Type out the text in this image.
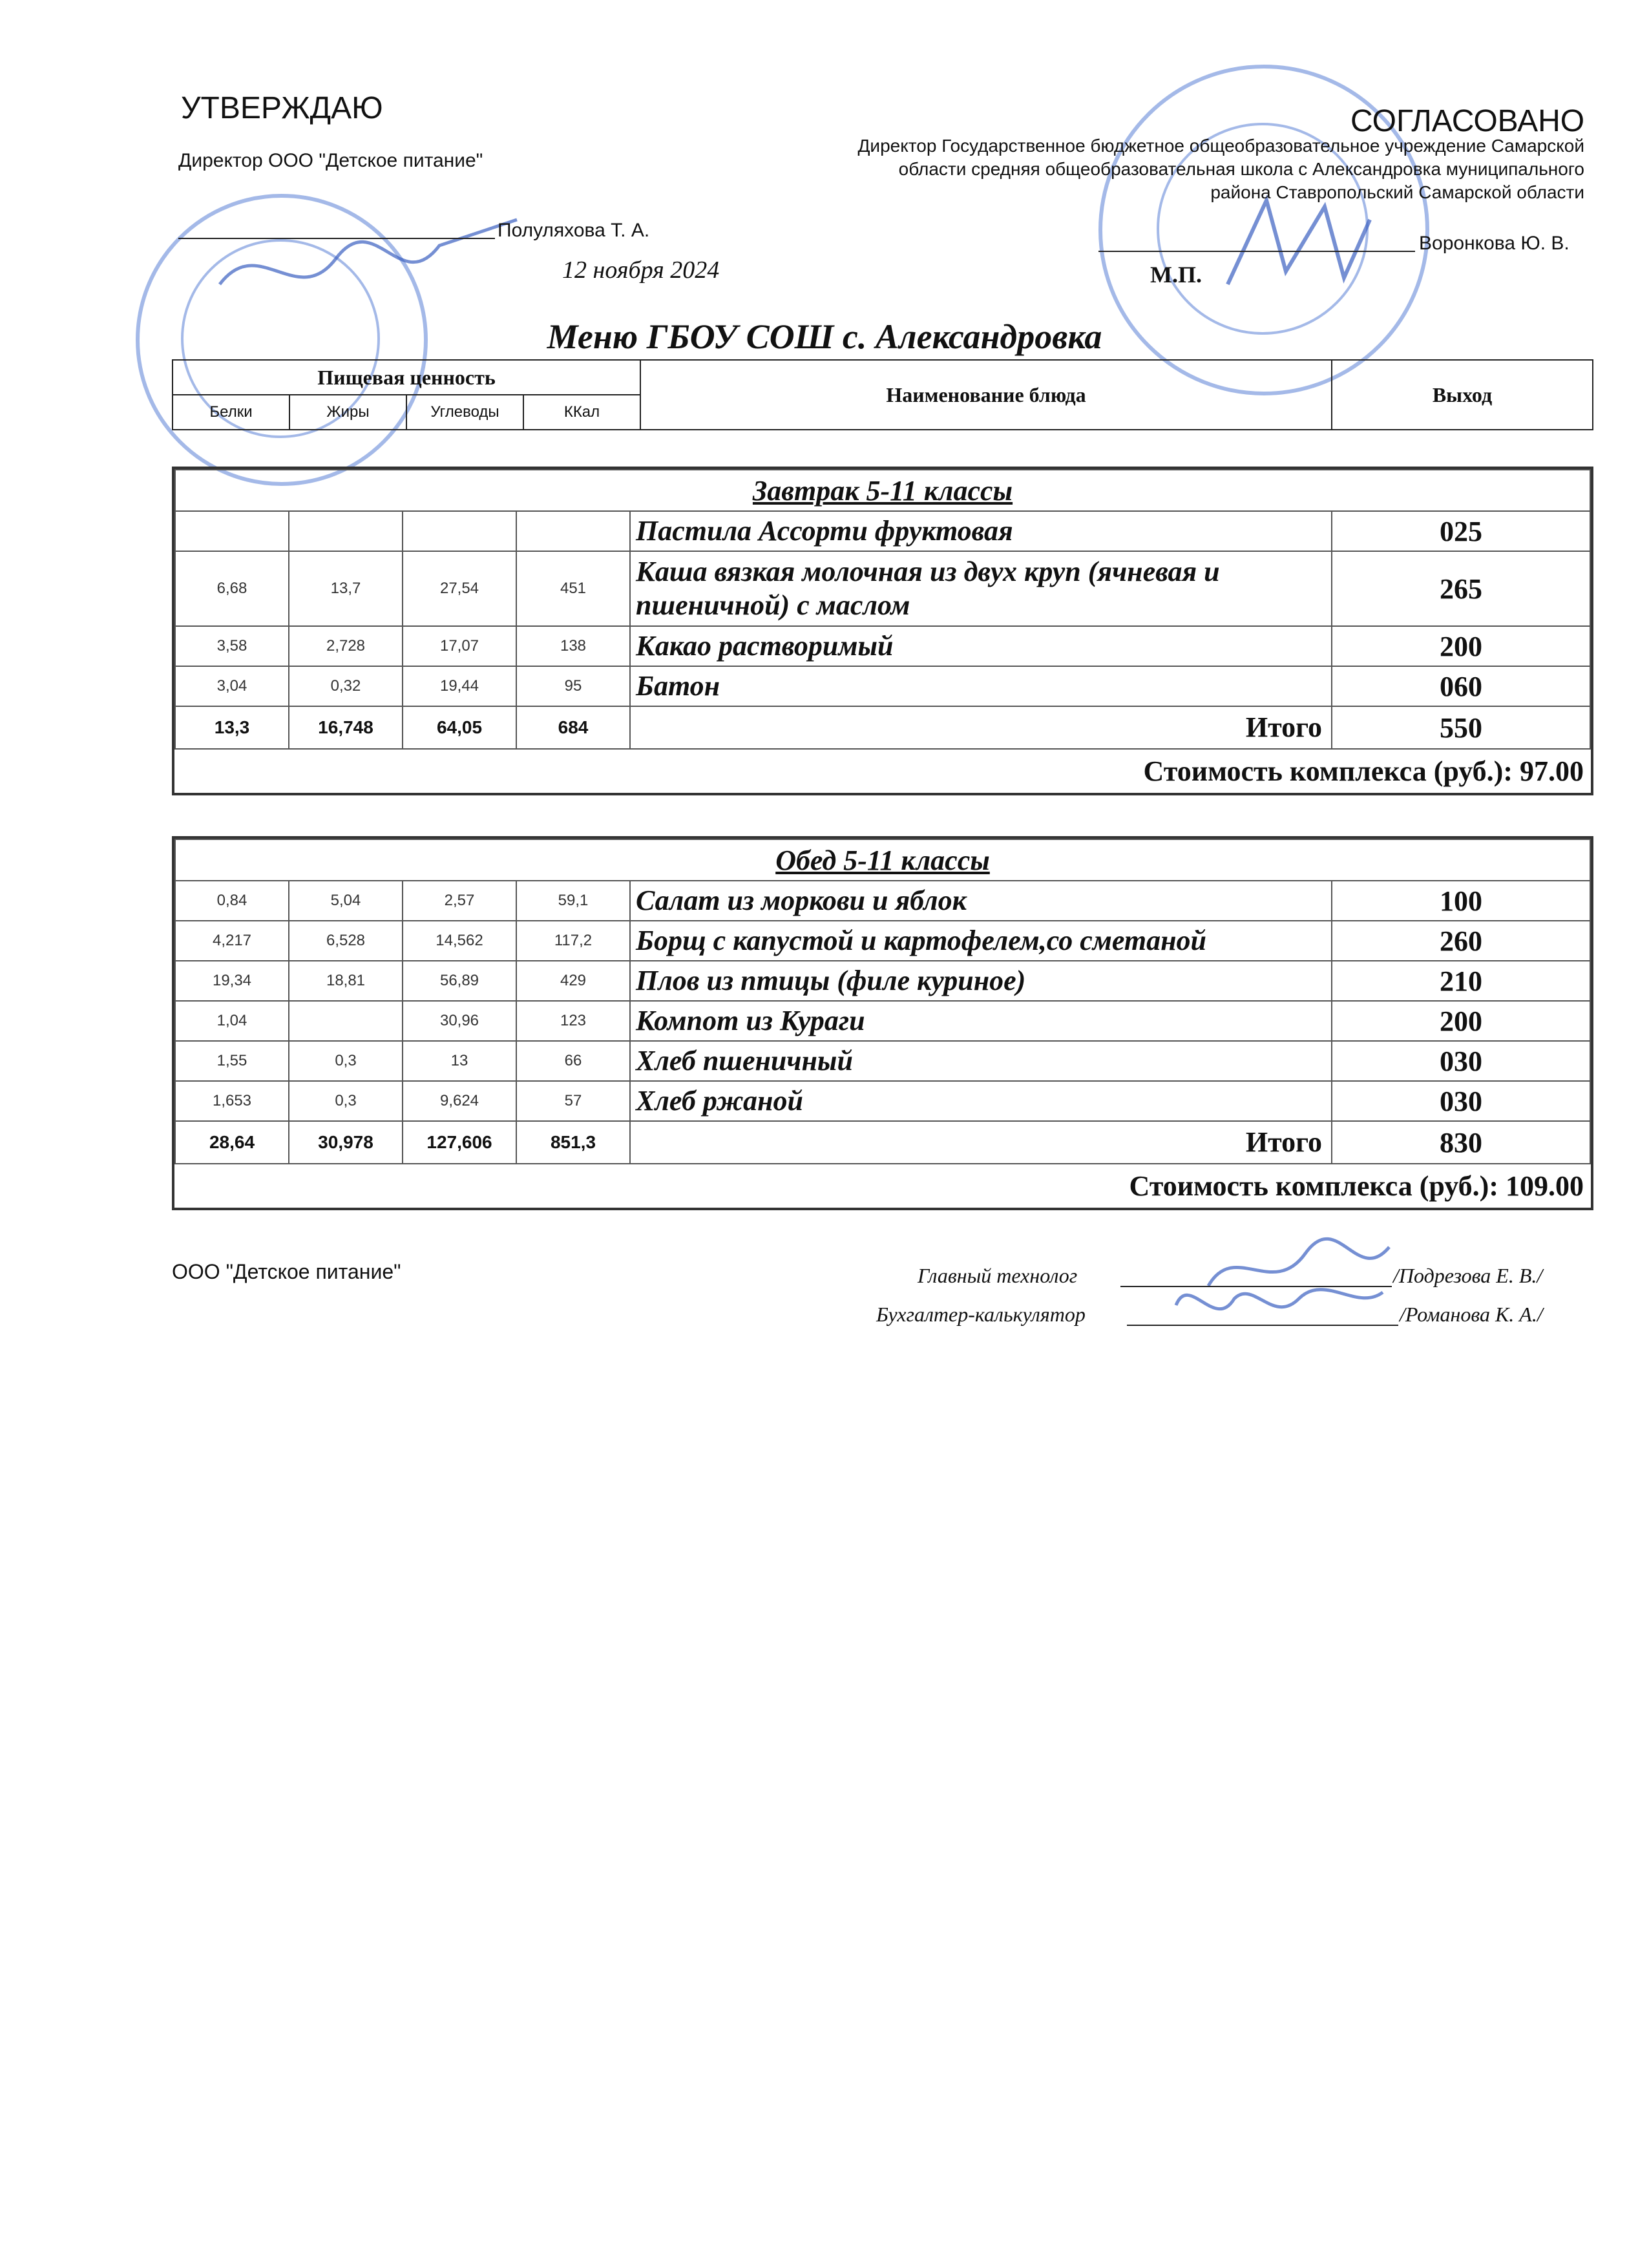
УТВЕРЖДАЮ
Директор ООО "Детское питание"
Полуляхова Т. А.
12 ноября 2024
СОГЛАСОВАНО
Директор Государственное бюджетное общеобразовательное учреждение Самарской
области средняя общеобразовательная школа с Александровка муниципального
района Ставропольский Самарской области
Воронкова Ю. В.
М.П.
Меню ГБОУ СОШ с. Александровка
Пищевая ценность				Наименование блюда	Выход
Белки	Жиры	Углеводы	ККал		
Завтрак 5-11 классы					
				Пастила Ассорти фруктовая	025
6,68	13,7	27,54	451	Каша вязкая молочная из двух круп (ячневая и пшеничной) с маслом	265
3,58	2,728	17,07	138	Какао растворимый	200
3,04	0,32	19,44	95	Батон	060
13,3	16,748	64,05	684	Итого	550
Стоимость комплекса (руб.): 97.00					
Обед 5-11 классы					
0,84	5,04	2,57	59,1	Салат из моркови и яблок	100
4,217	6,528	14,562	117,2	Борщ с капустой и картофелем,со сметаной	260
19,34	18,81	56,89	429	Плов из птицы (филе куриное)	210
1,04		30,96	123	Компот из Кураги	200
1,55	0,3	13	66	Хлеб пшеничный	030
1,653	0,3	9,624	57	Хлеб ржаной	030
28,64	30,978	127,606	851,3	Итого	830
Стоимость комплекса (руб.): 109.00					
ООО "Детское питание"	Главный технолог	/Подрезова Е. В./
Бухгалтер-калькулятор	/Романова К. А./
